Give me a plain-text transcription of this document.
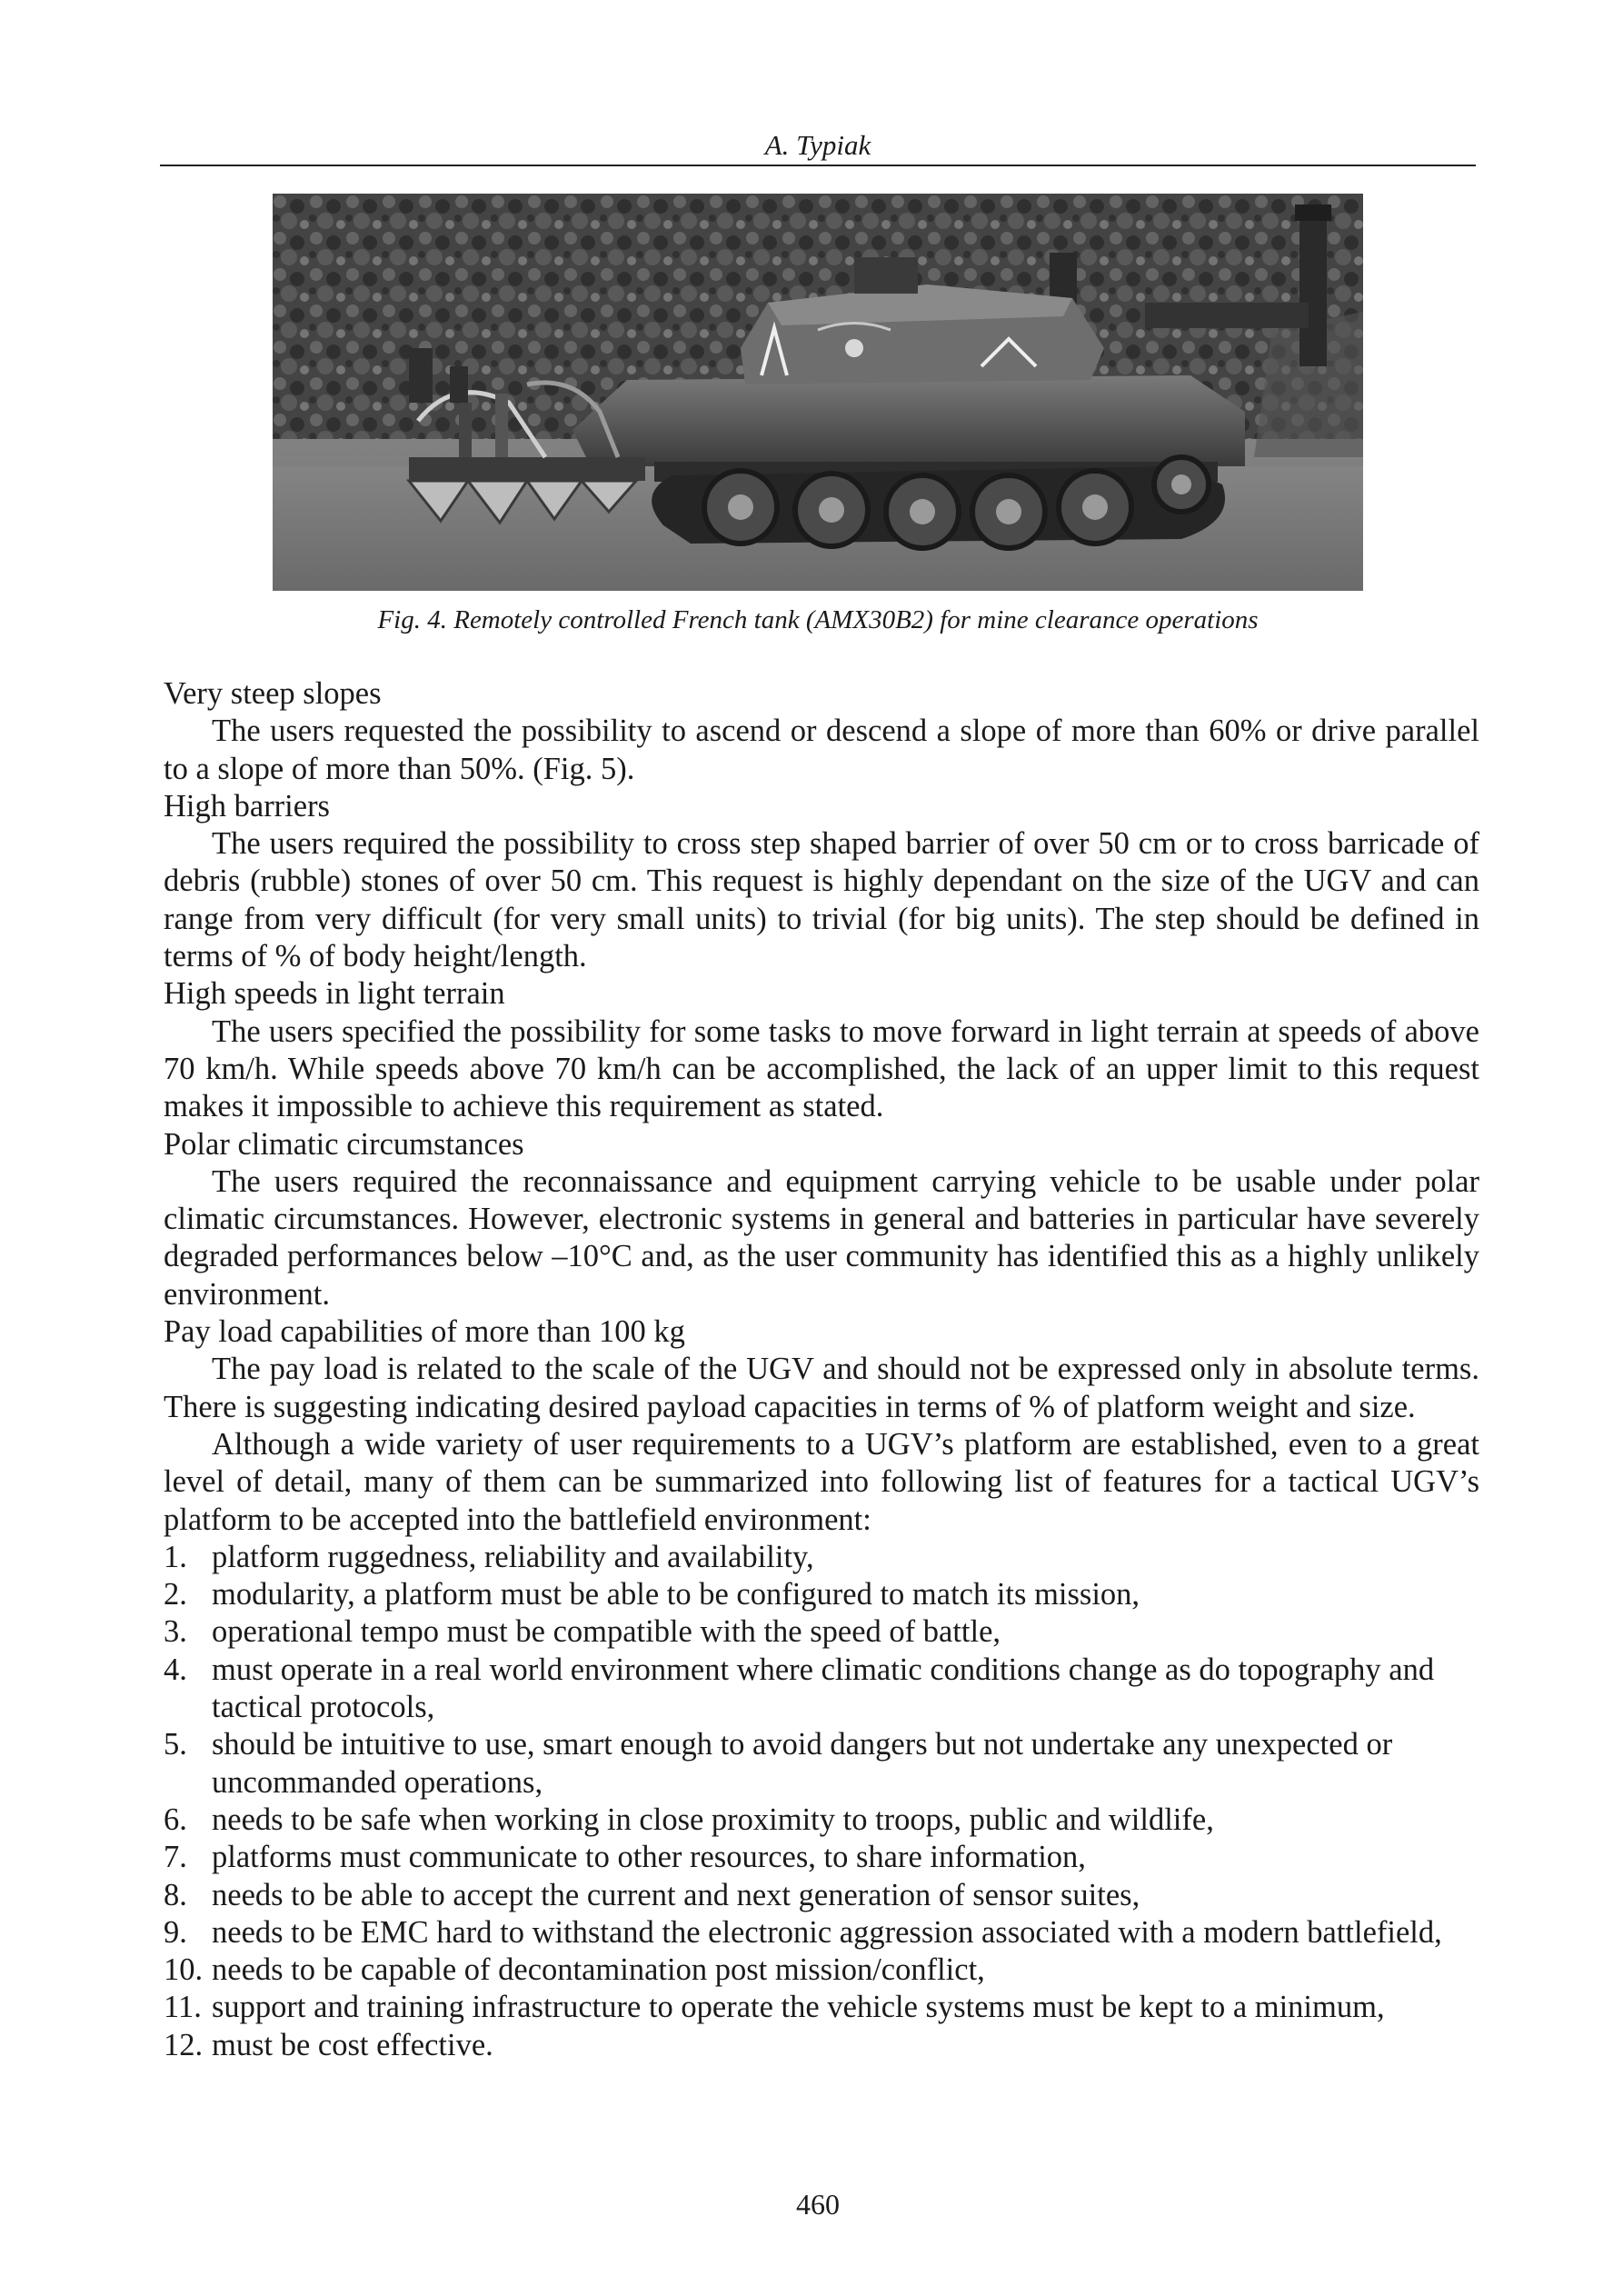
A. Typiak
Fig. 4. Remotely controlled French tank (AMX30B2) for mine clearance operations

Very steep slopes

The users requested the possibility to ascend or descend a slope of more than 60% or drive parallel to a slope of more than 50%. (Fig. 5).

High barriers

The users required the possibility to cross step shaped barrier of over 50 cm or to cross barricade of debris (rubble) stones of over 50 cm. This request is highly dependant on the size of the UGV and can range from very difficult (for very small units) to trivial (for big units). The step should be defined in terms of % of body height/length.

High speeds in light terrain

The users specified the possibility for some tasks to move forward in light terrain at speeds of above 70 km/h. While speeds above 70 km/h can be accomplished, the lack of an upper limit to this request makes it impossible to achieve this requirement as stated.

Polar climatic circumstances

The users required the reconnaissance and equipment carrying vehicle to be usable under polar climatic circumstances. However, electronic systems in general and batteries in particular have severely degraded performances below –10°C and, as the user community has identified this as a highly unlikely environment.

Pay load capabilities of more than 100 kg

The pay load is related to the scale of the UGV and should not be expressed only in absolute terms. There is suggesting indicating desired payload capacities in terms of % of platform weight and size.

Although a wide variety of user requirements to a UGV’s platform are established, even to a great level of detail, many of them can be summarized into following list of features for a tactical UGV’s platform to be accepted into the battlefield environment:

1. platform ruggedness, reliability and availability,
2. modularity, a platform must be able to be configured to match its mission,
3. operational tempo must be compatible with the speed of battle,
4. must operate in a real world environment where climatic conditions change as do topography and tactical protocols,
5. should be intuitive to use, smart enough to avoid dangers but not undertake any unexpected or uncommanded operations,
6. needs to be safe when working in close proximity to troops, public and wildlife,
7. platforms must communicate to other resources, to share information,
8. needs to be able to accept the current and next generation of sensor suites,
9. needs to be EMC hard to withstand the electronic aggression associated with a modern battlefield,
10. needs to be capable of decontamination post mission/conflict,
11. support and training infrastructure to operate the vehicle systems must be kept to a minimum,
12. must be cost effective.
460
